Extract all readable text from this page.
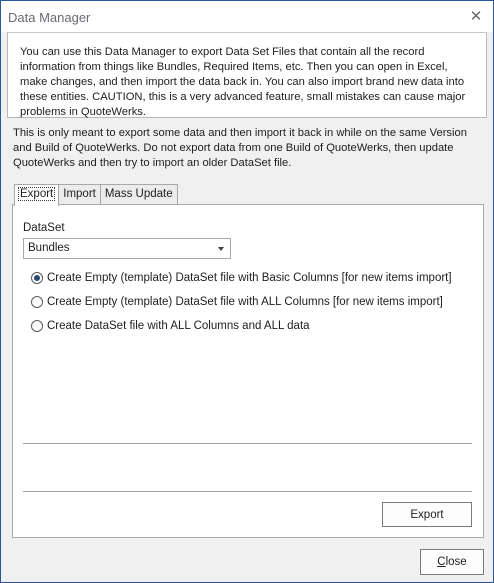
Data Manager	✕
You can use this Data Manager to export Data Set Files that contain all the record information from things like Bundles, Required Items, etc. Then you can open in Excel, make changes, and then import the data back in. You can also import brand new data into these entities. CAUTION, this is a very advanced feature, small mistakes can cause major problems in QuoteWerks.
This is only meant to export some data and then import it back in while on the same Version and Build of QuoteWerks. Do not export data from one Build of QuoteWerks, then update QuoteWerks and then try to import an older DataSet file.
Export Import Mass Update
DataSet
Bundles
Create Empty (template) DataSet file with Basic Columns [for new items import]
Create Empty (template) DataSet file with ALL Columns [for new items import]
Create DataSet file with ALL Columns and ALL data
Export
C lose
